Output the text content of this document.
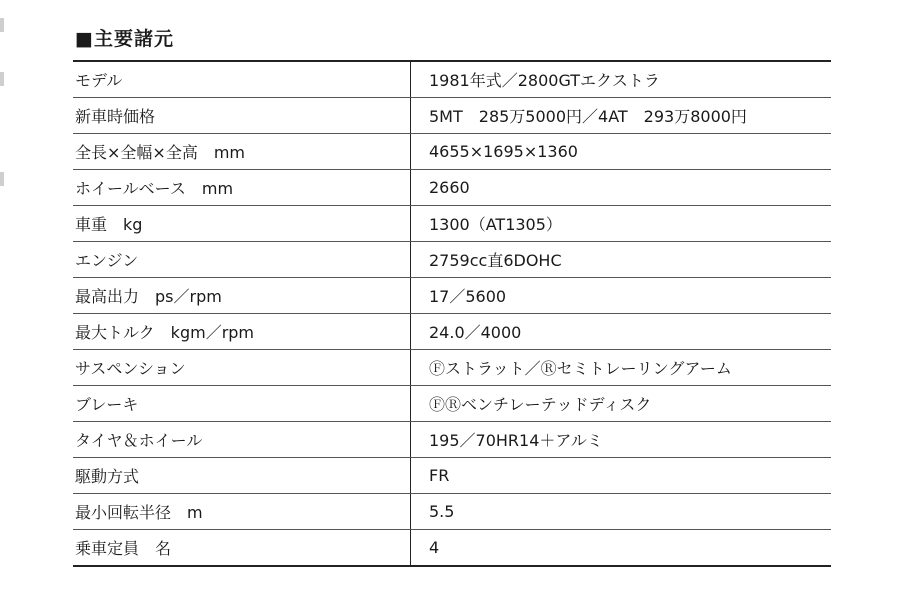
■主要諸元
モデル	1981年式／2800GTエクストラ
新車時価格	5MT　285万5000円／4AT　293万8000円
全長×全幅×全高　mm	4655×1695×1360
ホイールベース　mm	2660
車重　kg	1300（AT1305）
エンジン	2759cc直6DOHC
最高出力　ps／rpm	17／5600
最大トルク　kgm／rpm	24.0／4000
サスペンション	Ⓕストラット／Ⓡセミトレーリングアーム
ブレーキ	ⒻⓇベンチレーテッドディスク
タイヤ＆ホイール	195／70HR14＋アルミ
駆動方式	FR
最小回転半径　m	5.5
乗車定員　名	4
